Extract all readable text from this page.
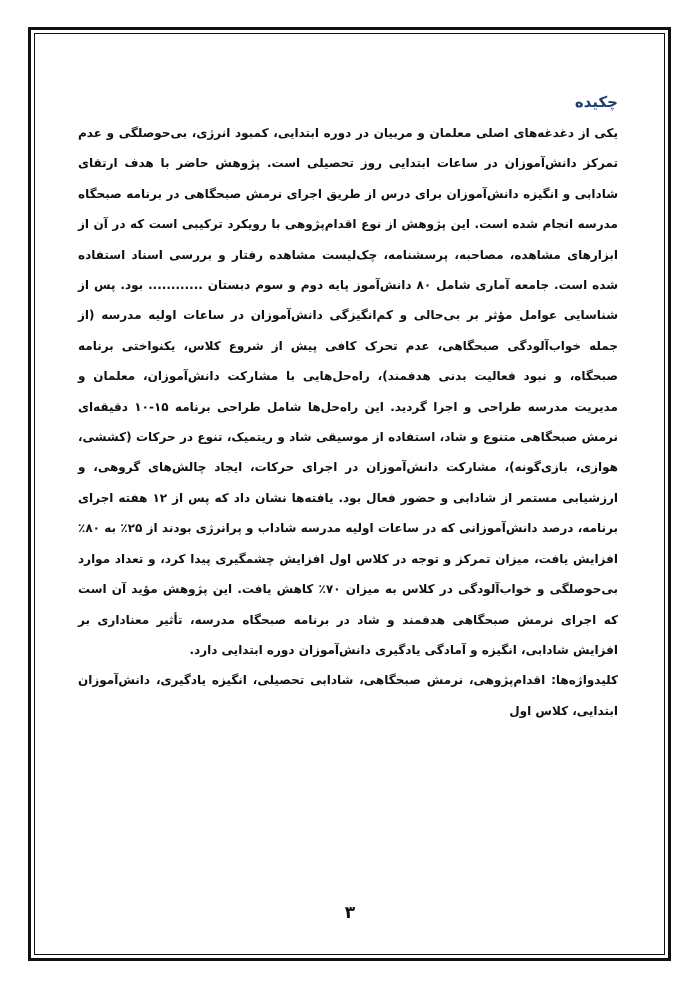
چکیده

یکی از دغدغه‌های اصلی معلمان و مربیان در دوره ابتدایی، کمبود انرژی، بی‌حوصلگی و عدم تمرکز دانش‌آموزان در ساعات ابتدایی روز تحصیلی است. پژوهش حاضر با هدف ارتقای شادابی و انگیزه دانش‌آموزان برای درس از طریق اجرای نرمش صبحگاهی در برنامه صبحگاه مدرسه انجام شده است. این پژوهش از نوع اقدام‌پژوهی با رویکرد ترکیبی است که در آن از ابزارهای مشاهده، مصاحبه، پرسشنامه، چک‌لیست مشاهده رفتار و بررسی اسناد استفاده شده است. جامعه آماری شامل ۸۰ دانش‌آموز پایه دوم و سوم دبستان ............ بود. پس از شناسایی عوامل مؤثر بر بی‌حالی و کم‌انگیزگی دانش‌آموزان در ساعات اولیه مدرسه (از جمله خواب‌آلودگی صبحگاهی، عدم تحرک کافی پیش از شروع کلاس، یکنواختی برنامه صبحگاه، و نبود فعالیت بدنی هدفمند)، راه‌حل‌هایی با مشارکت دانش‌آموزان، معلمان و مدیریت مدرسه طراحی و اجرا گردید. این راه‌حل‌ها شامل طراحی برنامه ۱۵-۱۰ دقیقه‌ای نرمش صبحگاهی متنوع و شاد، استفاده از موسیقی شاد و ریتمیک، تنوع در حرکات (کششی، هوازی، بازی‌گونه)، مشارکت دانش‌آموزان در اجرای حرکات، ایجاد چالش‌های گروهی، و ارزشیابی مستمر از شادابی و حضور فعال بود. یافته‌ها نشان داد که پس از ۱۲ هفته اجرای برنامه، درصد دانش‌آموزانی که در ساعات اولیه مدرسه شاداب و پرانرژی بودند از ۲۵٪ به ۸۰٪ افزایش یافت، میزان تمرکز و توجه در کلاس اول افزایش چشمگیری پیدا کرد، و تعداد موارد بی‌حوصلگی و خواب‌آلودگی در کلاس به میزان ۷۰٪ کاهش یافت. این پژوهش مؤید آن است که اجرای نرمش صبحگاهی هدفمند و شاد در برنامه صبحگاه مدرسه، تأثیر معناداری بر افزایش شادابی، انگیزه و آمادگی یادگیری دانش‌آموزان دوره ابتدایی دارد.

کلیدواژه‌ها: اقدام‌پژوهی، نرمش صبحگاهی، شادابی تحصیلی، انگیزه یادگیری، دانش‌آموزان ابتدایی، کلاس اول

۳
